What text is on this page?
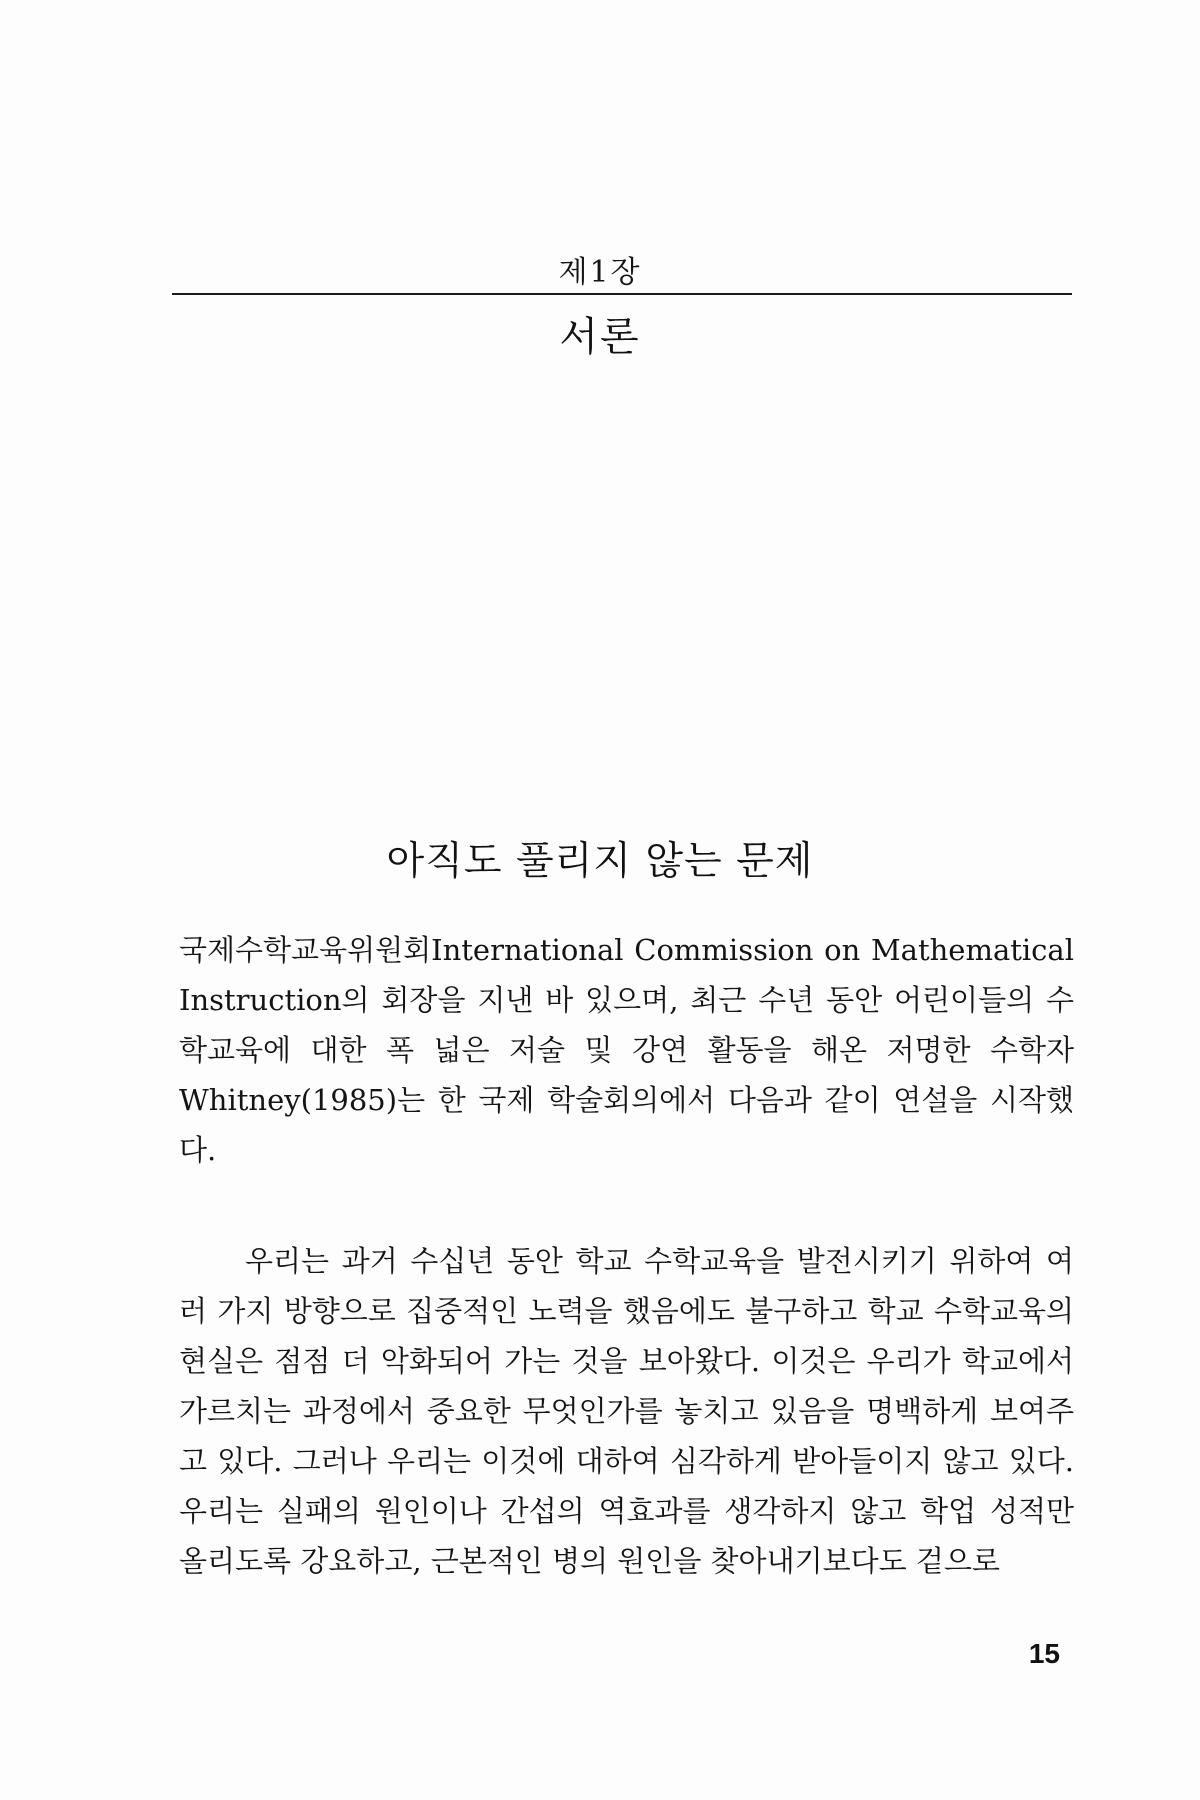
제1장
서론
아직도 풀리지 않는 문제

국제수학교육위원회International Commission on Mathematical Instruction의 회장을 지낸 바 있으며, 최근 수년 동안 어린이들의 수학교육에 대한 폭 넓은 저술 및 강연 활동을 해온 저명한 수학자 Whitney(1985)는 한 국제 학술회의에서 다음과 같이 연설을 시작했다.

우리는 과거 수십년 동안 학교 수학교육을 발전시키기 위하여 여러 가지 방향으로 집중적인 노력을 했음에도 불구하고 학교 수학교육의 현실은 점점 더 악화되어 가는 것을 보아왔다. 이것은 우리가 학교에서 가르치는 과정에서 중요한 무엇인가를 놓치고 있음을 명백하게 보여주고 있다. 그러나 우리는 이것에 대하여 심각하게 받아들이지 않고 있다. 우리는 실패의 원인이나 간섭의 역효과를 생각하지 않고 학업 성적만 올리도록 강요하고, 근본적인 병의 원인을 찾아내기보다도 겉으로

15
